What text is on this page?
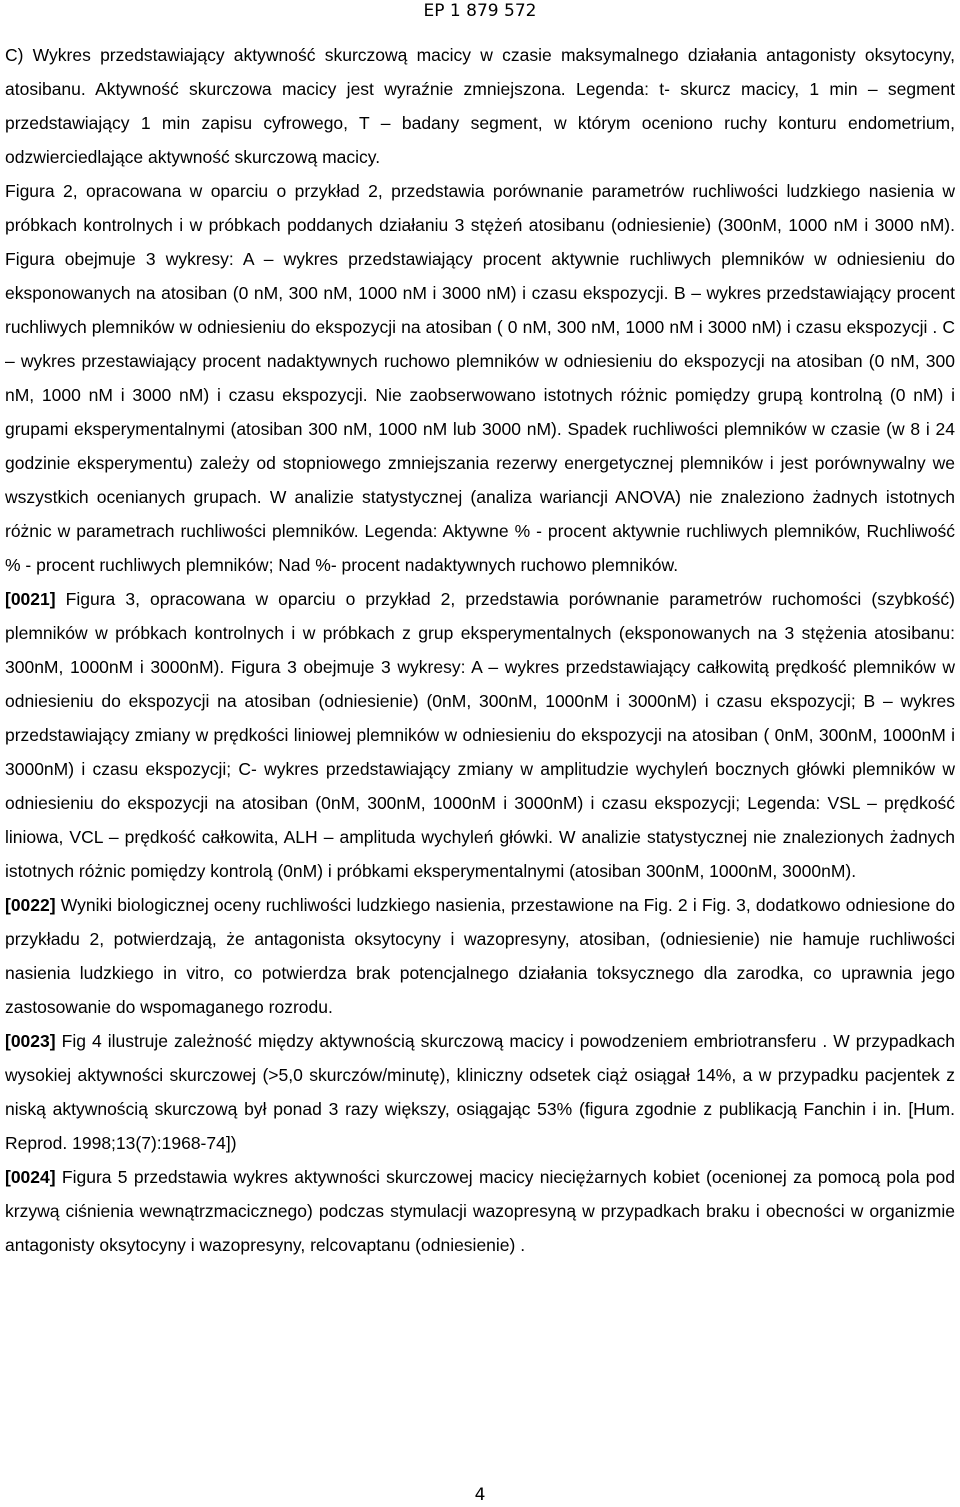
EP 1 879 572

C) Wykres przedstawiający aktywność skurczową macicy w czasie maksymalnego działania antagonisty oksytocyny, atosibanu. Aktywność skurczowa macicy jest wyraźnie zmniejszona. Legenda: t- skurcz macicy, 1 min – segment przedstawiający 1 min zapisu cyfrowego, T – badany segment, w którym oceniono ruchy konturu endometrium, odzwierciedlające aktywność skurczową macicy.

Figura 2, opracowana w oparciu o przykład 2, przedstawia porównanie parametrów ruchliwości ludzkiego nasienia w próbkach kontrolnych i w próbkach poddanych działaniu 3 stężeń atosibanu (odniesienie) (300nM, 1000 nM i 3000 nM). Figura obejmuje 3 wykresy: A – wykres przedstawiający procent aktywnie ruchliwych plemników w odniesieniu do eksponowanych na atosiban (0 nM, 300 nM, 1000 nM i 3000 nM) i czasu ekspozycji. B – wykres przedstawiający procent ruchliwych plemników w odniesieniu do ekspozycji na atosiban ( 0 nM, 300 nM, 1000 nM i 3000 nM) i czasu ekspozycji . C – wykres przestawiający procent nadaktywnych ruchowo plemników w odniesieniu do ekspozycji na atosiban (0 nM, 300 nM, 1000 nM i 3000 nM) i czasu ekspozycji. Nie zaobserwowano istotnych różnic pomiędzy grupą kontrolną (0 nM) i grupami eksperymentalnymi (atosiban 300 nM, 1000 nM lub 3000 nM). Spadek ruchliwości plemników w czasie (w 8 i 24 godzinie eksperymentu) zależy od stopniowego zmniejszania rezerwy energetycznej plemników i jest porównywalny we wszystkich ocenianych grupach. W analizie statystycznej (analiza wariancji ANOVA) nie znaleziono żadnych istotnych różnic w parametrach ruchliwości plemników. Legenda: Aktywne % - procent aktywnie ruchliwych plemników, Ruchliwość % - procent ruchliwych plemników; Nad %- procent nadaktywnych ruchowo plemników.

[0021] Figura 3, opracowana w oparciu o przykład 2, przedstawia porównanie parametrów ruchomości (szybkość) plemników w próbkach kontrolnych i w próbkach z grup eksperymentalnych (eksponowanych na 3 stężenia atosibanu: 300nM, 1000nM i 3000nM). Figura 3 obejmuje 3 wykresy: A – wykres przedstawiający całkowitą prędkość plemników w odniesieniu do ekspozycji na atosiban (odniesienie) (0nM, 300nM, 1000nM i 3000nM) i czasu ekspozycji; B – wykres przedstawiający zmiany w prędkości liniowej plemników w odniesieniu do ekspozycji na atosiban ( 0nM, 300nM, 1000nM i 3000nM) i czasu ekspozycji; C- wykres przedstawiający zmiany w amplitudzie wychyleń bocznych główki plemników w odniesieniu do ekspozycji na atosiban (0nM, 300nM, 1000nM i 3000nM) i czasu ekspozycji; Legenda: VSL – prędkość liniowa, VCL – prędkość całkowita, ALH – amplituda wychyleń główki. W analizie statystycznej nie znalezionych żadnych istotnych różnic pomiędzy kontrolą (0nM) i próbkami eksperymentalnymi (atosiban 300nM, 1000nM, 3000nM).

[0022] Wyniki biologicznej oceny ruchliwości ludzkiego nasienia, przestawione na Fig. 2 i Fig. 3, dodatkowo odniesione do przykładu 2, potwierdzają, że antagonista oksytocyny i wazopresyny, atosiban, (odniesienie) nie hamuje ruchliwości nasienia ludzkiego in vitro, co potwierdza brak potencjalnego działania toksycznego dla zarodka, co uprawnia jego zastosowanie do wspomaganego rozrodu.

[0023] Fig 4 ilustruje zależność między aktywnością skurczową macicy i powodzeniem embriotransferu . W przypadkach wysokiej aktywności skurczowej (>5,0 skurczów/minutę), kliniczny odsetek ciąż osiągał 14%, a w przypadku pacjentek z niską aktywnością skurczową był ponad 3 razy większy, osiągając 53% (figura zgodnie z publikacją Fanchin i in. [Hum. Reprod. 1998;13(7):1968-74])

[0024] Figura 5 przedstawia wykres aktywności skurczowej macicy nieciężarnych kobiet (ocenionej za pomocą pola pod krzywą ciśnienia wewnątrzmacicznego) podczas stymulacji wazopresyną w przypadkach braku i obecności w organizmie antagonisty oksytocyny i wazopresyny, relcovaptanu (odniesienie) .

4
